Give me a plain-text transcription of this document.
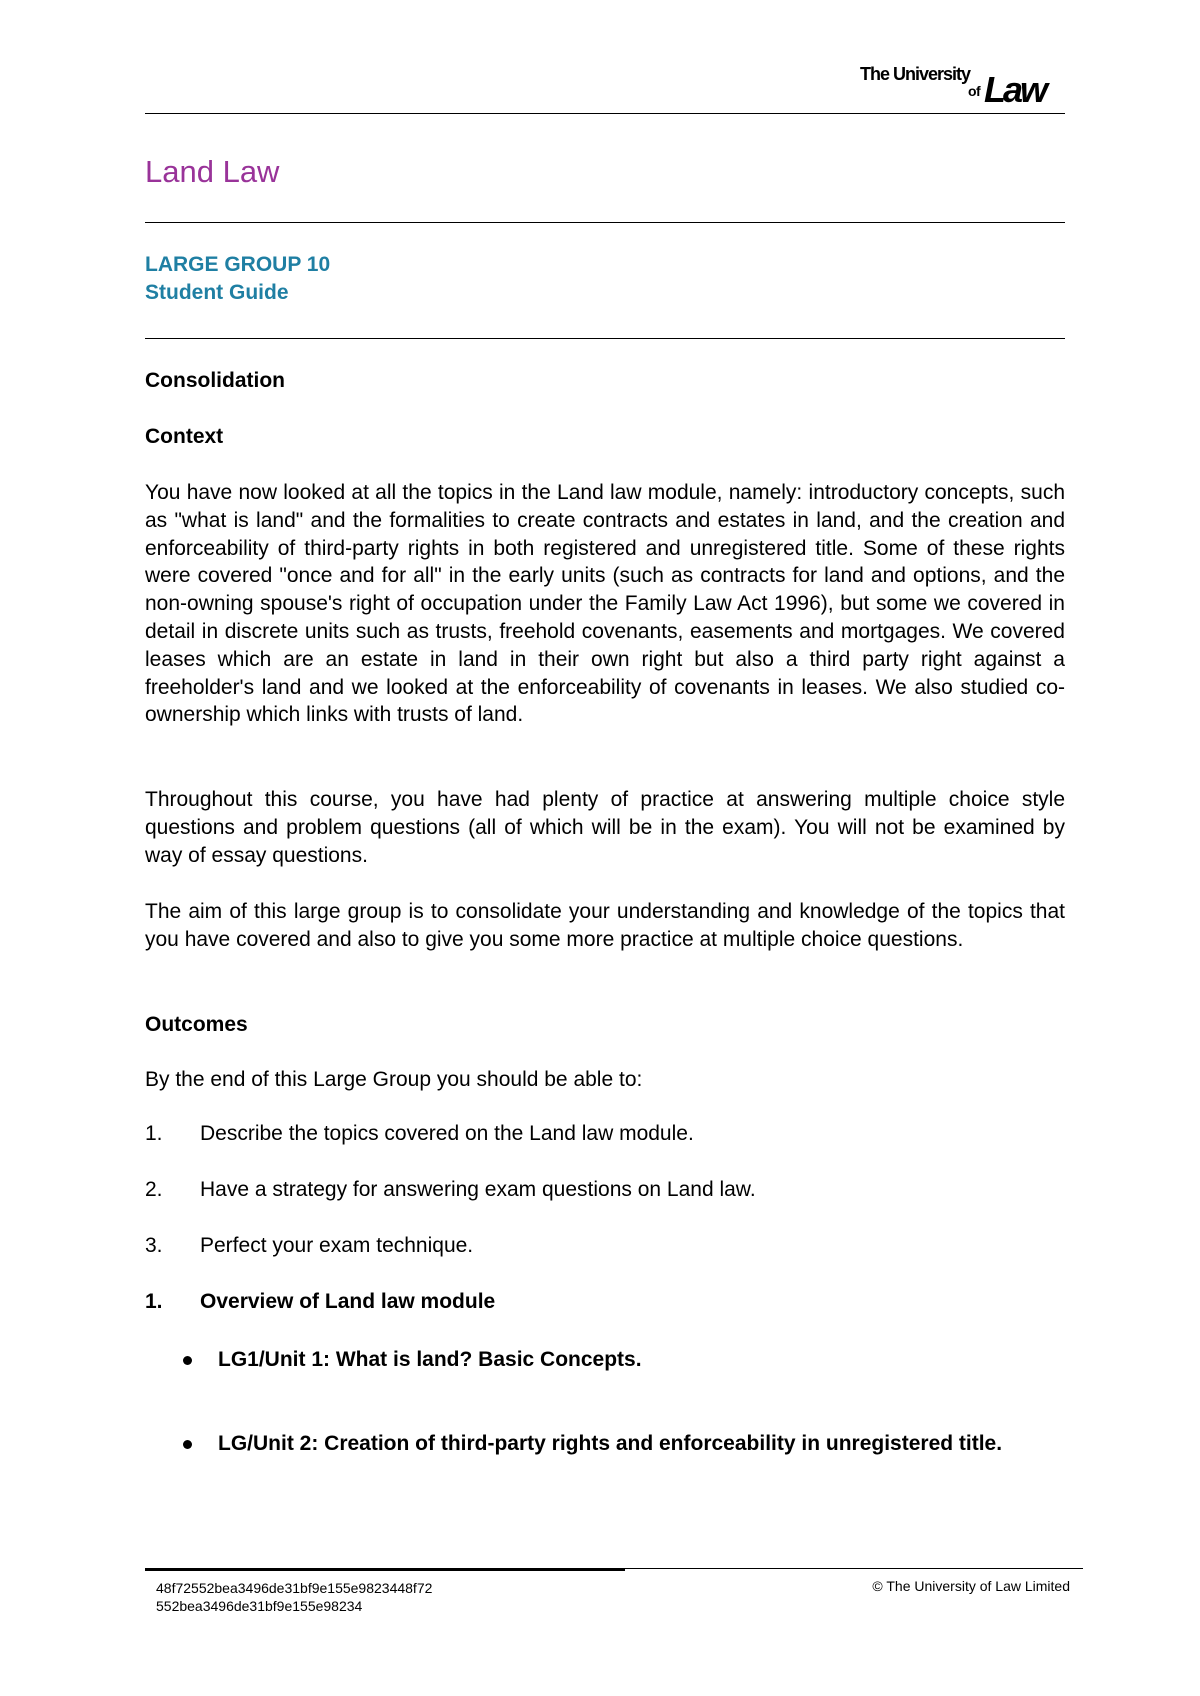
The University
of Law
Land Law
LARGE GROUP 10
Student Guide
Consolidation
Context
You have now looked at all the topics in the Land law module, namely: introductory concepts, such as "what is land" and the formalities to create contracts and estates in land, and the creation and enforceability of third-party rights in both registered and unregistered title. Some of these rights were covered "once and for all" in the early units (such as contracts for land and options, and the non-owning spouse's right of occupation under the Family Law Act 1996), but some we covered in detail in discrete units such as trusts, freehold covenants, easements and mortgages. We covered leases which are an estate in land in their own right but also a third party right against a freeholder's land and we looked at the enforceability of covenants in leases. We also studied co-ownership which links with trusts of land.
Throughout this course, you have had plenty of practice at answering multiple choice style questions and problem questions (all of which will be in the exam). You will not be examined by way of essay questions.
The aim of this large group is to consolidate your understanding and knowledge of the topics that you have covered and also to give you some more practice at multiple choice questions.
Outcomes
By the end of this Large Group you should be able to:
1. Describe the topics covered on the Land law module.
2. Have a strategy for answering exam questions on Land law.
3. Perfect your exam technique.
1. Overview of Land law module
LG1/Unit 1: What is land? Basic Concepts.
LG/Unit 2: Creation of third-party rights and enforceability in unregistered title.
48f72552bea3496de31bf9e155e9823448f72
552bea3496de31bf9e155e98234
© The University of Law Limited
